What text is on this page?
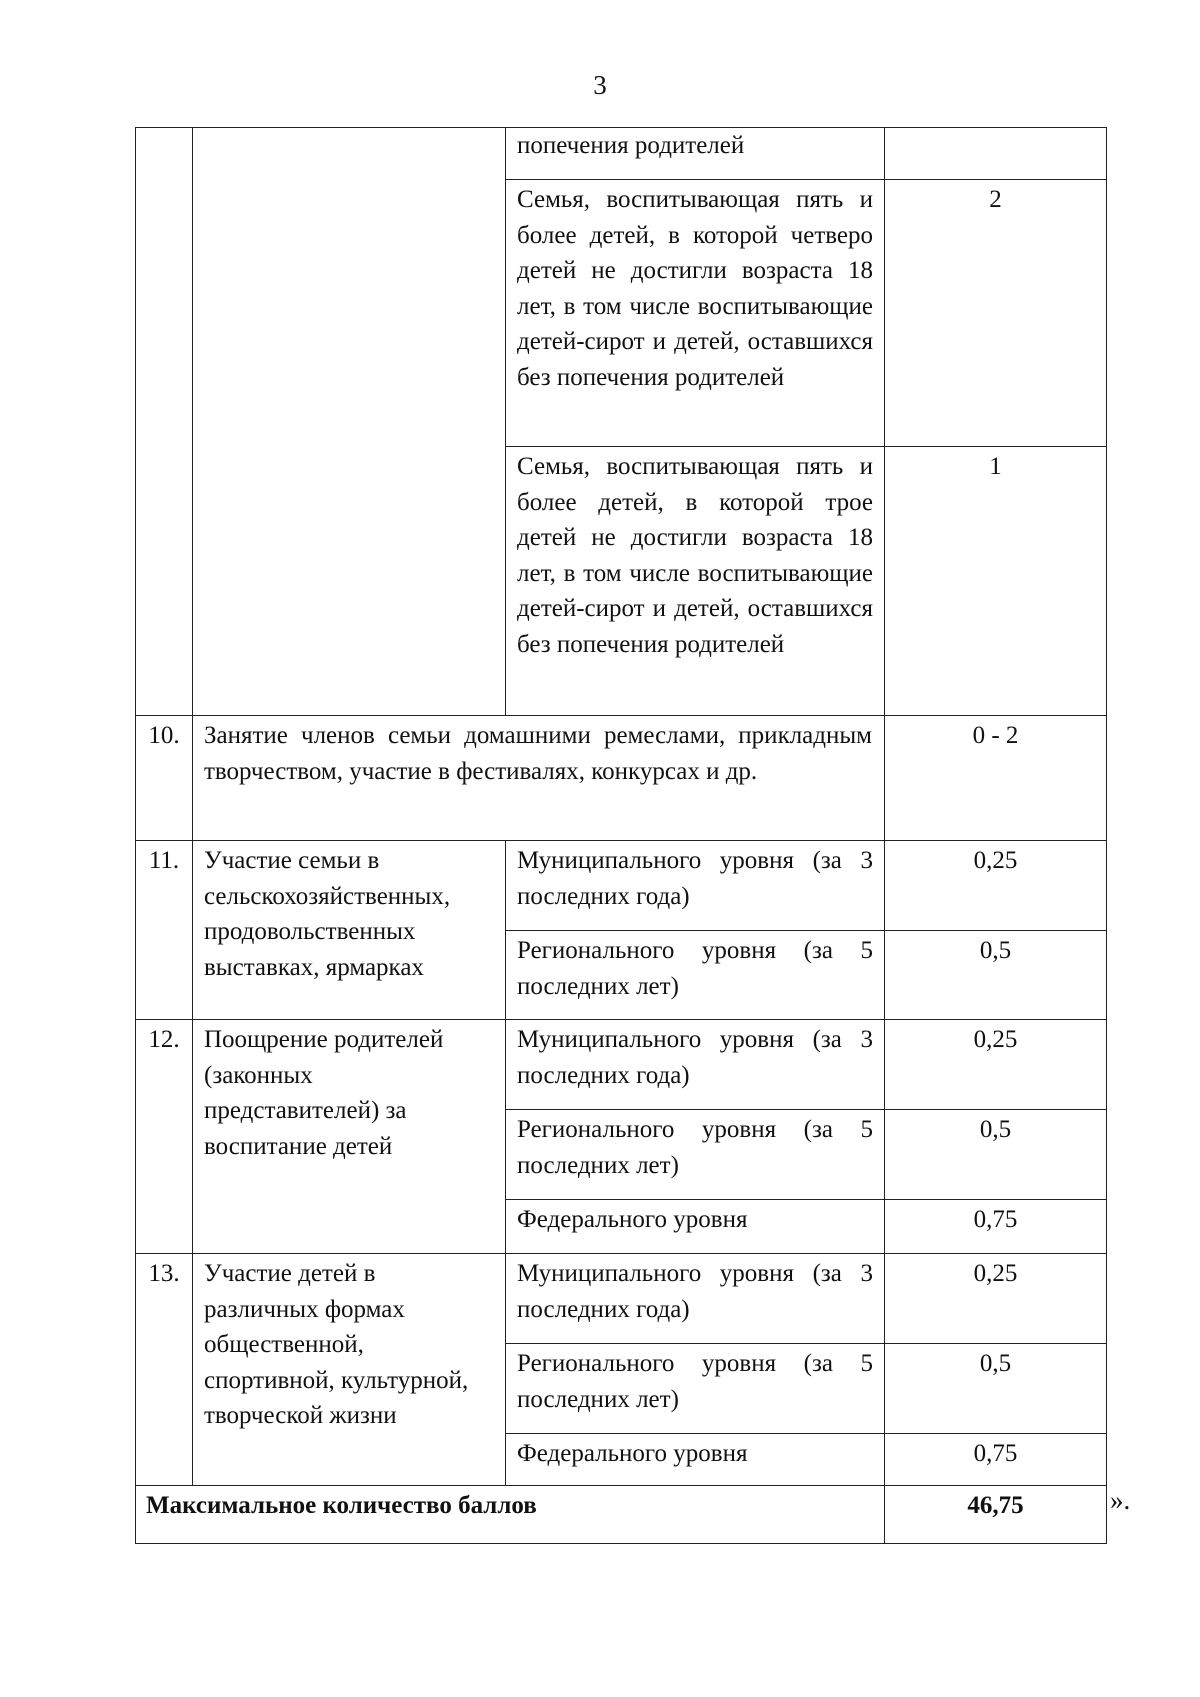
3
		попечения родителей	
		Семья, воспитывающая пять и более детей, в которой четверо детей не достигли возраста 18 лет, в том числе воспитывающие детей-сирот и детей, оставшихся без попечения родителей	2
		Семья, воспитывающая пять и более детей, в которой трое детей не достигли возраста 18 лет, в том числе воспитывающие детей-сирот и детей, оставшихся без попечения родителей	1
10.	Занятие членов семьи домашними ремеслами, прикладным творчеством, участие в фестивалях, конкурсах и др.		0 - 2
11.	Участие семьи в сельскохозяйственных, продовольственных выставках, ярмарках	Муниципального уровня (за 3 последних года)	0,25
		Регионального уровня (за 5 последних лет)	0,5
12.	Поощрение родителей (законных представителей) за воспитание детей	Муниципального уровня (за 3 последних года)	0,25
		Регионального уровня (за 5 последних лет)	0,5
		Федерального уровня	0,75
13.	Участие детей в различных формах общественной, спортивной, культурной, творческой жизни	Муниципального уровня (за 3 последних года)	0,25
		Регионального уровня (за 5 последних лет)	0,5
		Федерального уровня	0,75
Максимальное количество баллов			46,75	».
